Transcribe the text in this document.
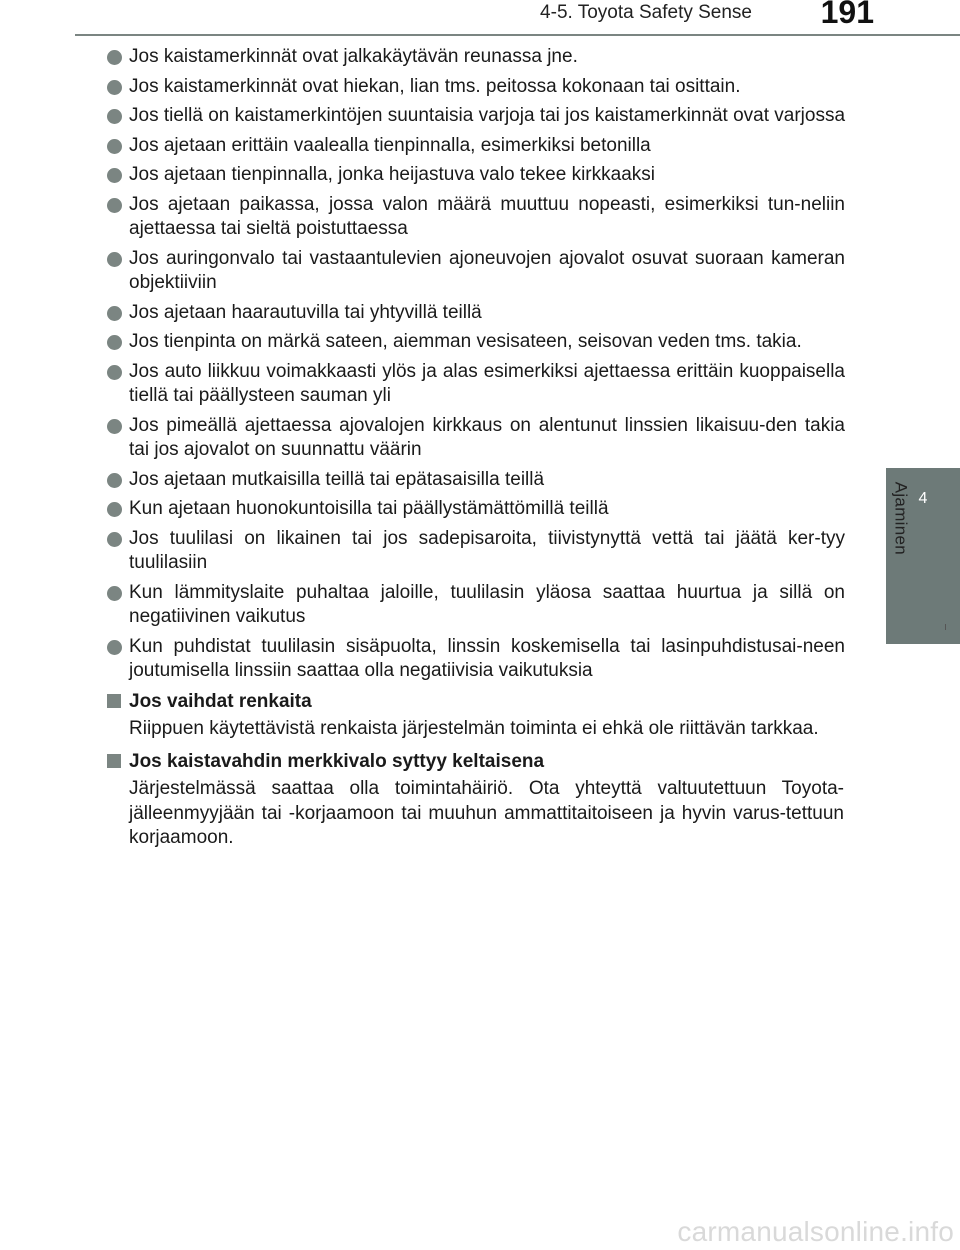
4-5. Toyota Safety Sense 191
4
Ajaminen
Jos kaistamerkinnät ovat jalkakäytävän reunassa jne.
Jos kaistamerkinnät ovat hiekan, lian tms. peitossa kokonaan tai osittain.
Jos tiellä on kaistamerkintöjen suuntaisia varjoja tai jos kaistamerkinnät ovat varjossa
Jos ajetaan erittäin vaalealla tienpinnalla, esimerkiksi betonilla
Jos ajetaan tienpinnalla, jonka heijastuva valo tekee kirkkaaksi
Jos ajetaan paikassa, jossa valon määrä muuttuu nopeasti, esimerkiksi tun-neliin ajettaessa tai sieltä poistuttaessa
Jos auringonvalo tai vastaantulevien ajoneuvojen ajovalot osuvat suoraan kameran objektiiviin
Jos ajetaan haarautuvilla tai yhtyvillä teillä
Jos tienpinta on märkä sateen, aiemman vesisateen, seisovan veden tms. takia.
Jos auto liikkuu voimakkaasti ylös ja alas esimerkiksi ajettaessa erittäin kuoppaisella tiellä tai päällysteen sauman yli
Jos pimeällä ajettaessa ajovalojen kirkkaus on alentunut linssien likaisuu-den takia tai jos ajovalot on suunnattu väärin
Jos ajetaan mutkaisilla teillä tai epätasaisilla teillä
Kun ajetaan huonokuntoisilla tai päällystämättömillä teillä
Jos tuulilasi on likainen tai jos sadepisaroita, tiivistynyttä vettä tai jäätä ker-tyy tuulilasiin
Kun lämmityslaite puhaltaa jaloille, tuulilasin yläosa saattaa huurtua ja sillä on negatiivinen vaikutus
Kun puhdistat tuulilasin sisäpuolta, linssin koskemisella tai lasinpuhdistusai-neen joutumisella linssiin saattaa olla negatiivisia vaikutuksia
Jos vaihdat renkaita
Riippuen käytettävistä renkaista järjestelmän toiminta ei ehkä ole riittävän tarkkaa.
Jos kaistavahdin merkkivalo syttyy keltaisena
Järjestelmässä saattaa olla toimintahäiriö. Ota yhteyttä valtuutettuun Toyota-jälleenmyyjään tai -korjaamoon tai muuhun ammattitaitoiseen ja hyvin varus-tettuun korjaamoon.
carmanualsonline.info
